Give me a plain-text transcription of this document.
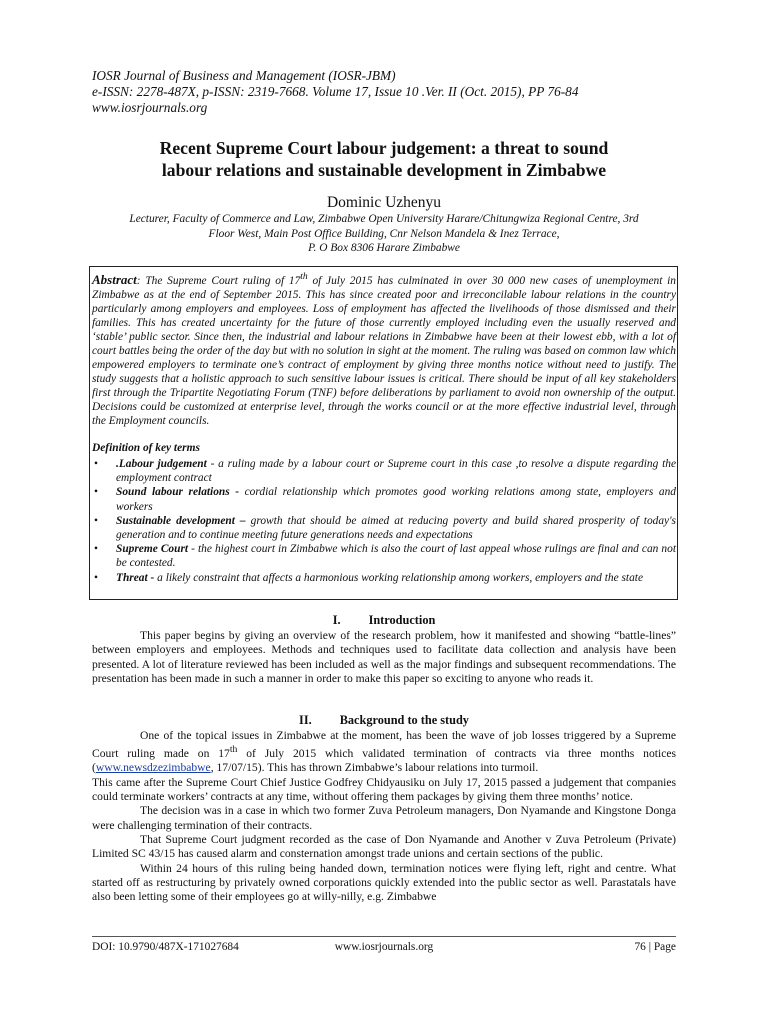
IOSR Journal of Business and Management (IOSR-JBM)
e-ISSN: 2278-487X, p-ISSN: 2319-7668. Volume 17, Issue 10 .Ver. II (Oct. 2015), PP 76-84
www.iosrjournals.org
Recent Supreme Court labour judgement: a threat to sound
labour relations and sustainable development in Zimbabwe
Dominic Uzhenyu
Lecturer, Faculty of Commerce and Law, Zimbabwe Open University Harare/Chitungwiza Regional Centre, 3rd
Floor West, Main Post Office Building, Cnr Nelson Mandela & Inez Terrace,
P. O Box 8306 Harare Zimbabwe
Abstract: The Supreme Court ruling of 17th of July 2015 has culminated in over 30 000 new cases of unemployment in Zimbabwe as at the end of September 2015. This has since created poor and irreconcilable labour relations in the country particularly among employers and employees. Loss of employment has affected the livelihoods of those dismissed and their families. This has created uncertainty for the future of those currently employed including even the usually reserved and ‘stable’ public sector. Since then, the industrial and labour relations in Zimbabwe have been at their lowest ebb, with a lot of court battles being the order of the day but with no solution in sight at the moment. The ruling was based on common law which empowered employers to terminate one’s contract of employment by giving three months notice without need to justify. The study suggests that a holistic approach to such sensitive labour issues is critical. There should be input of all key stakeholders first through the Tripartite Negotiating Forum (TNF) before deliberations by parliament to avoid non ownership of the output. Decisions could be customized at enterprise level, through the works council or at the more effective industrial level, through the Employment councils.
Definition of key terms
• .Labour judgement - a ruling made by a labour court or Supreme court in this case ,to resolve a dispute regarding the employment contract
• Sound labour relations - cordial relationship which promotes good working relations among state, employers and workers
• Sustainable development – growth that should be aimed at reducing poverty and build shared prosperity of today's generation and to continue meeting future generations needs and expectations
• Supreme Court - the highest court in Zimbabwe which is also the court of last appeal whose rulings are final and can not be contested.
• Threat - a likely constraint that affects a harmonious working relationship among workers, employers and the state
I. Introduction

This paper begins by giving an overview of the research problem, how it manifested and showing “battle-lines” between employers and employees. Methods and techniques used to facilitate data collection and analysis have been presented. A lot of literature reviewed has been included as well as the major findings and subsequent recommendations. The presentation has been made in such a manner in order to make this paper so exciting to anyone who reads it.

II. Background to the study

One of the topical issues in Zimbabwe at the moment, has been the wave of job losses triggered by a Supreme Court ruling made on 17th of July 2015 which validated termination of contracts via three months notices (www.newsdzezimbabwe, 17/07/15). This has thrown Zimbabwe’s labour relations into turmoil.

This came after the Supreme Court Chief Justice Godfrey Chidyausiku on July 17, 2015 passed a judgement that companies could terminate workers’ contracts at any time, without offering them packages by giving them three months’ notice.

The decision was in a case in which two former Zuva Petroleum managers, Don Nyamande and Kingstone Donga were challenging termination of their contracts.

That Supreme Court judgment recorded as the case of Don Nyamande and Another v Zuva Petroleum (Private) Limited SC 43/15 has caused alarm and consternation amongst trade unions and certain sections of the public.

Within 24 hours of this ruling being handed down, termination notices were flying left, right and centre. What started off as restructuring by privately owned corporations quickly extended into the public sector as well. Parastatals have also been letting some of their employees go at willy-nilly, e.g. Zimbabwe

DOI: 10.9790/487X-171027684	www.iosrjournals.org	76 | Page
